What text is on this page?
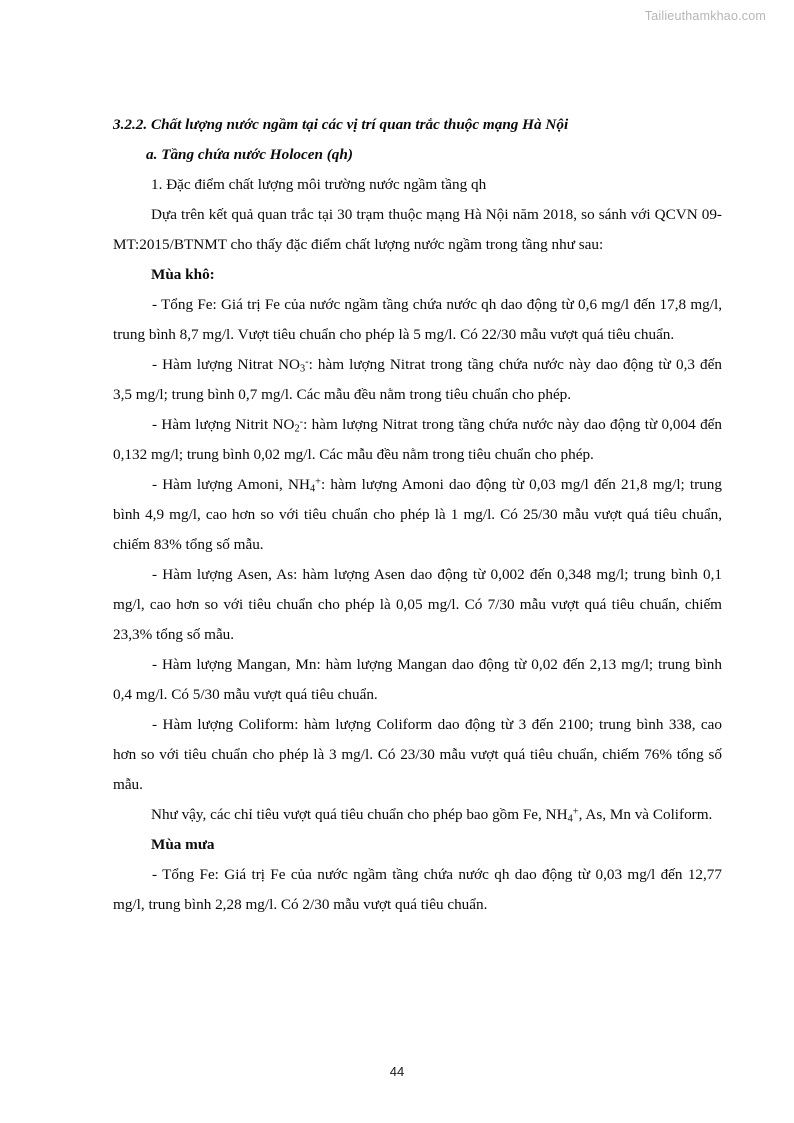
Tailieuthamkhao.com

3.2.2. Chất lượng nước ngầm tại các vị trí quan trắc thuộc mạng Hà Nội

a. Tầng chứa nước Holocen (qh)

1. Đặc điểm chất lượng môi trường nước ngầm tầng qh

Dựa trên kết quả quan trắc tại 30 trạm thuộc mạng Hà Nội năm 2018, so sánh với QCVN 09-MT:2015/BTNMT cho thấy đặc điểm chất lượng nước ngầm trong tầng như sau:

Mùa khô:

- Tổng Fe: Giá trị Fe của nước ngầm tầng chứa nước qh dao động từ 0,6 mg/l đến 17,8 mg/l, trung bình 8,7 mg/l. Vượt tiêu chuẩn cho phép là 5 mg/l. Có 22/30 mẫu vượt quá tiêu chuẩn.

- Hàm lượng Nitrat $NO_3^-$: hàm lượng Nitrat trong tầng chứa nước này dao động từ 0,3 đến 3,5 mg/l; trung bình 0,7 mg/l. Các mẫu đều nằm trong tiêu chuẩn cho phép.

- Hàm lượng Nitrit $NO_2^-$: hàm lượng Nitrat trong tầng chứa nước này dao động từ 0,004 đến 0,132 mg/l; trung bình 0,02 mg/l. Các mẫu đều nằm trong tiêu chuẩn cho phép.

- Hàm lượng Amoni, $NH_4^+$: hàm lượng Amoni dao động từ 0,03 mg/l đến 21,8 mg/l; trung bình 4,9 mg/l, cao hơn so với tiêu chuẩn cho phép là 1 mg/l. Có 25/30 mẫu vượt quá tiêu chuẩn, chiếm 83% tổng số mẫu.

- Hàm lượng Asen, As: hàm lượng Asen dao động từ 0,002 đến 0,348 mg/l; trung bình 0,1 mg/l, cao hơn so với tiêu chuẩn cho phép là 0,05 mg/l. Có 7/30 mẫu vượt quá tiêu chuẩn, chiếm 23,3% tổng số mẫu.

- Hàm lượng Mangan, Mn: hàm lượng Mangan dao động từ 0,02 đến 2,13 mg/l; trung bình 0,4 mg/l. Có 5/30 mẫu vượt quá tiêu chuẩn.

- Hàm lượng Coliform: hàm lượng Coliform dao động từ 3 đến 2100; trung bình 338, cao hơn so với tiêu chuẩn cho phép là 3 mg/l. Có 23/30 mẫu vượt quá tiêu chuẩn, chiếm 76% tổng số mẫu.

Như vậy, các chỉ tiêu vượt quá tiêu chuẩn cho phép bao gồm Fe, $NH_4^+$, As, Mn và Coliform.

Mùa mưa

- Tổng Fe: Giá trị Fe của nước ngầm tầng chứa nước qh dao động từ 0,03 mg/l đến 12,77 mg/l, trung bình 2,28 mg/l. Có 2/30 mẫu vượt quá tiêu chuẩn.

44
